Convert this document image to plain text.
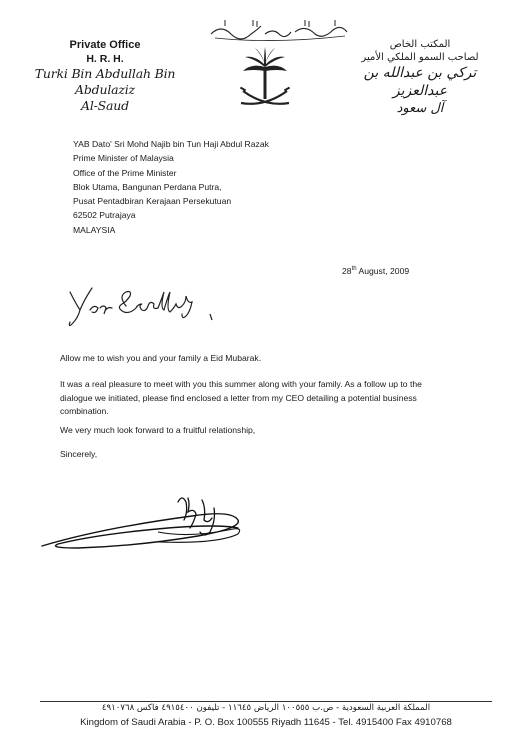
Private Office

H. R. H.

Turki Bin Abdullah Bin Abdulaziz

Al-Saud

المكتب الخاص

لصاحب السمو الملكي الأمير

تركي بن عبدالله بن عبدالعزيز

آل سعود

YAB Dato' Sri Mohd Najib bin Tun Haji Abdul Razak
Prime Minister of Malaysia
Office of the Prime Minister
Blok Utama, Bangunan Perdana Putra,
Pusat Pentadbiran Kerajaan Persekutuan
62502 Putrajaya
MALAYSIA
28th August, 2009

Allow me to wish you and your family a Eid Mubarak.

It was a real pleasure to meet with you this summer along with your family. As a follow up to the dialogue we initiated, please find enclosed a letter from my CEO detailing a potential business combination.

We very much look forward to a fruitful relationship,

Sincerely,

المملكة العربية السعودية - ص.ب ١٠٠٥٥٥ الرياض ١١٦٤٥ - تليفون ٤٩١٥٤٠٠ فاكس ٤٩١٠٧٦٨
Kingdom of Saudi Arabia - P. O. Box 100555 Riyadh 11645 - Tel. 4915400 Fax 4910768
